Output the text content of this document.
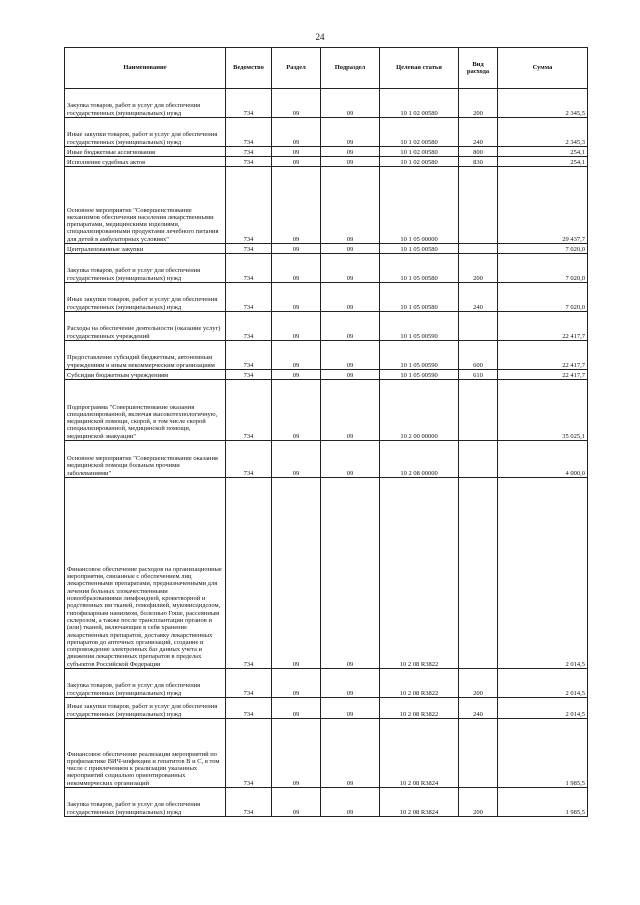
24
Наименование	Ведомство	Раздел	Подраздел	Целевая статья	Вид расхода	Сумма
Закупка товаров, работ и услуг для обеспечения государственных (муниципальных) нужд	734	09	09	10 1 02 00580	200	2 345,5
Иные закупки товаров, работ и услуг для обеспечения государственных (муниципальных) нужд	734	09	09	10 1 02 00580	240	2 345,3
Иные бюджетные ассигнования	734	09	09	10 1 02 00580	800	254,1
Исполнение судебных актов	734	09	09	10 1 02 00580	830	254,1
Основное мероприятие "Совершенствование механизмов обеспечения населения лекарственными препаратами, медицинскими изделиями, специализированными продуктами лечебного питания для детей в амбулаторных условиях"	734	09	09	10 1 05 00000		29 437,7
Централизованные закупки	734	09	09	10 1 05 00580		7 020,0
Закупка товаров, работ и услуг для обеспечения государственных (муниципальных) нужд	734	09	09	10 1 05 00580	200	7 020,0
Иные закупки товаров, работ и услуг для обеспечения государственных (муниципальных) нужд	734	09	09	10 1 05 00580	240	7 020,0
Расходы на обеспечение деятельности (оказание услуг) государственных учреждений	734	09	09	10 1 05 00590		22 417,7
Предоставление субсидий бюджетным, автономным учреждениям и иным некоммерческим организациям	734	09	09	10 1 05 00590	600	22 417,7
Субсидии бюджетным учреждениям	734	09	09	10 1 05 00590	610	22 417,7
Подпрограмма "Совершенствование оказания специализированной, включая высокотехнологичную, медицинской помощи, скорой, в том числе скорой специализированной, медицинской помощи, медицинской эвакуации"	734	09	09	10 2 00 00000		35 025,1
Основное мероприятие "Совершенствование оказания медицинской помощи больным прочими заболеваниями"	734	09	09	10 2 08 00000		4 000,0
Финансовое обеспечение расходов на организационные мероприятия, связанные с обеспечением лиц лекарственными препаратами, предназначенными для лечения больных злокачественными новообразованиями лимфоидной, кроветворной и родственных им тканей, гемофилией, муковисцидозом, гипофизарным нанизмом, болезнью Гоше, рассеянным склерозом, а также после трансплантации органов и (или) тканей, включающие в себя хранение лекарственных препаратов, доставку лекарственных препаратов до аптечных организаций, создание и сопровождение электронных баз данных учета и движения лекарственных препаратов в пределах субъектов Российской Федерации	734	09	09	10 2 08 R3822		2 014,5
Закупка товаров, работ и услуг для обеспечения государственных (муниципальных) нужд	734	09	09	10 2 08 R3822	200	2 014,5
Иные закупки товаров, работ и услуг для обеспечения государственных (муниципальных) нужд	734	09	09	10 2 08 R3822	240	2 014,5
Финансовое обеспечение реализации мероприятий по профилактике ВИЧ-инфекции и гепатитов В и С, в том числе с привлечением к реализации указанных мероприятий социально ориентированных некоммерческих организаций	734	09	09	10 2 08 R3824		1 985,5
Закупка товаров, работ и услуг для обеспечения государственных (муниципальных) нужд	734	09	09	10 2 08 R3824	200	1 985,5
